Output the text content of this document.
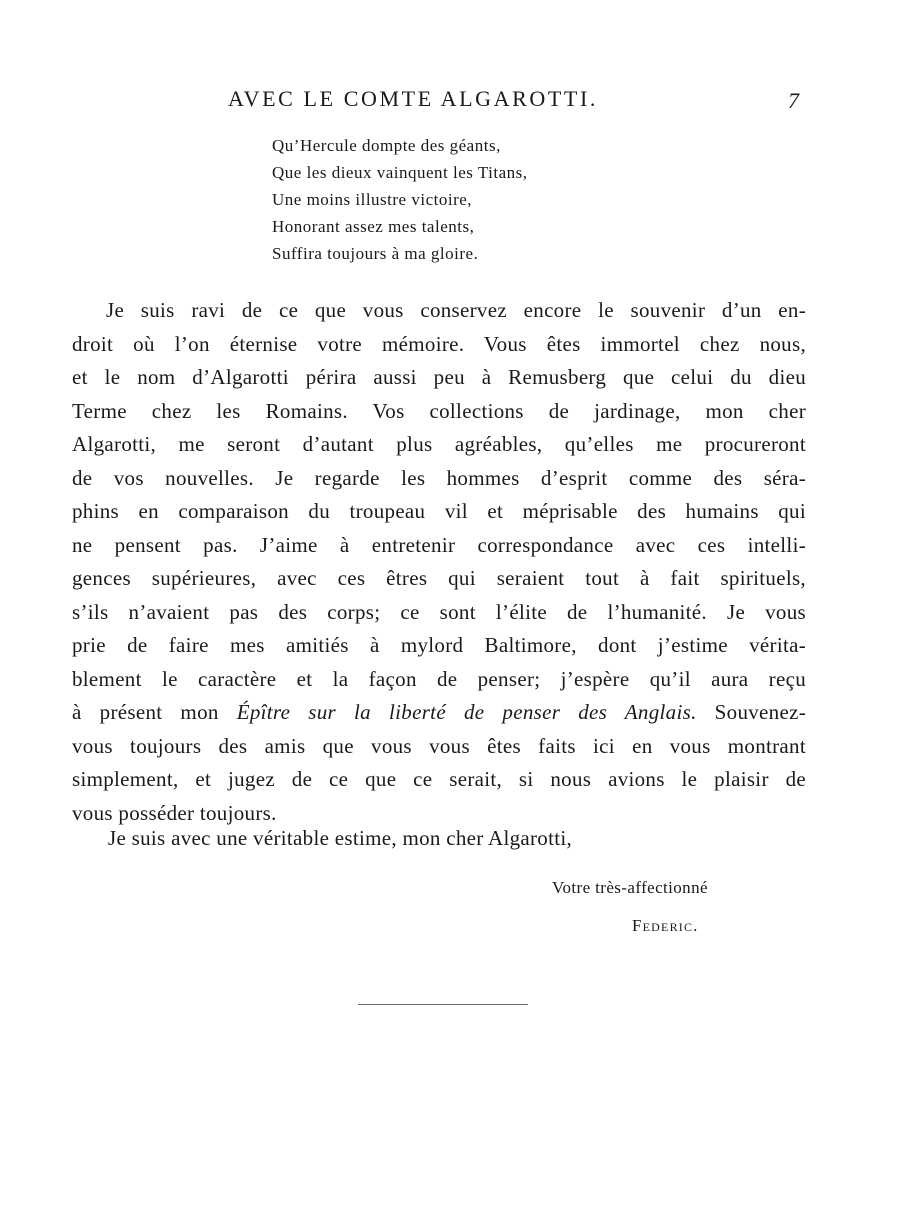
AVEC LE COMTE ALGAROTTI.	7
Qu’Hercule dompte des géants,
Que les dieux vainquent les Titans,
Une moins illustre victoire,
Honorant assez mes talents,
Suffira toujours à ma gloire.
Je suis ravi de ce que vous conservez encore le souvenir d’un en-
droit où l’on éternise votre mémoire. Vous êtes immortel chez nous,
et le nom d’Algarotti périra aussi peu à Remusberg que celui du dieu
Terme chez les Romains. Vos collections de jardinage, mon cher
Algarotti, me seront d’autant plus agréables, qu’elles me procureront
de vos nouvelles. Je regarde les hommes d’esprit comme des séra-
phins en comparaison du troupeau vil et méprisable des humains qui
ne pensent pas. J’aime à entretenir correspondance avec ces intelli-
gences supérieures, avec ces êtres qui seraient tout à fait spirituels,
s’ils n’avaient pas des corps; ce sont l’élite de l’humanité. Je vous
prie de faire mes amitiés à mylord Baltimore, dont j’estime vérita-
blement le caractère et la façon de penser; j’espère qu’il aura reçu
à présent mon Épître sur la liberté de penser des Anglais. Souvenez-
vous toujours des amis que vous vous êtes faits ici en vous montrant
simplement, et jugez de ce que ce serait, si nous avions le plaisir de
vous posséder toujours.
Je suis avec une véritable estime, mon cher Algarotti,
Votre très-affectionné
Federic.
